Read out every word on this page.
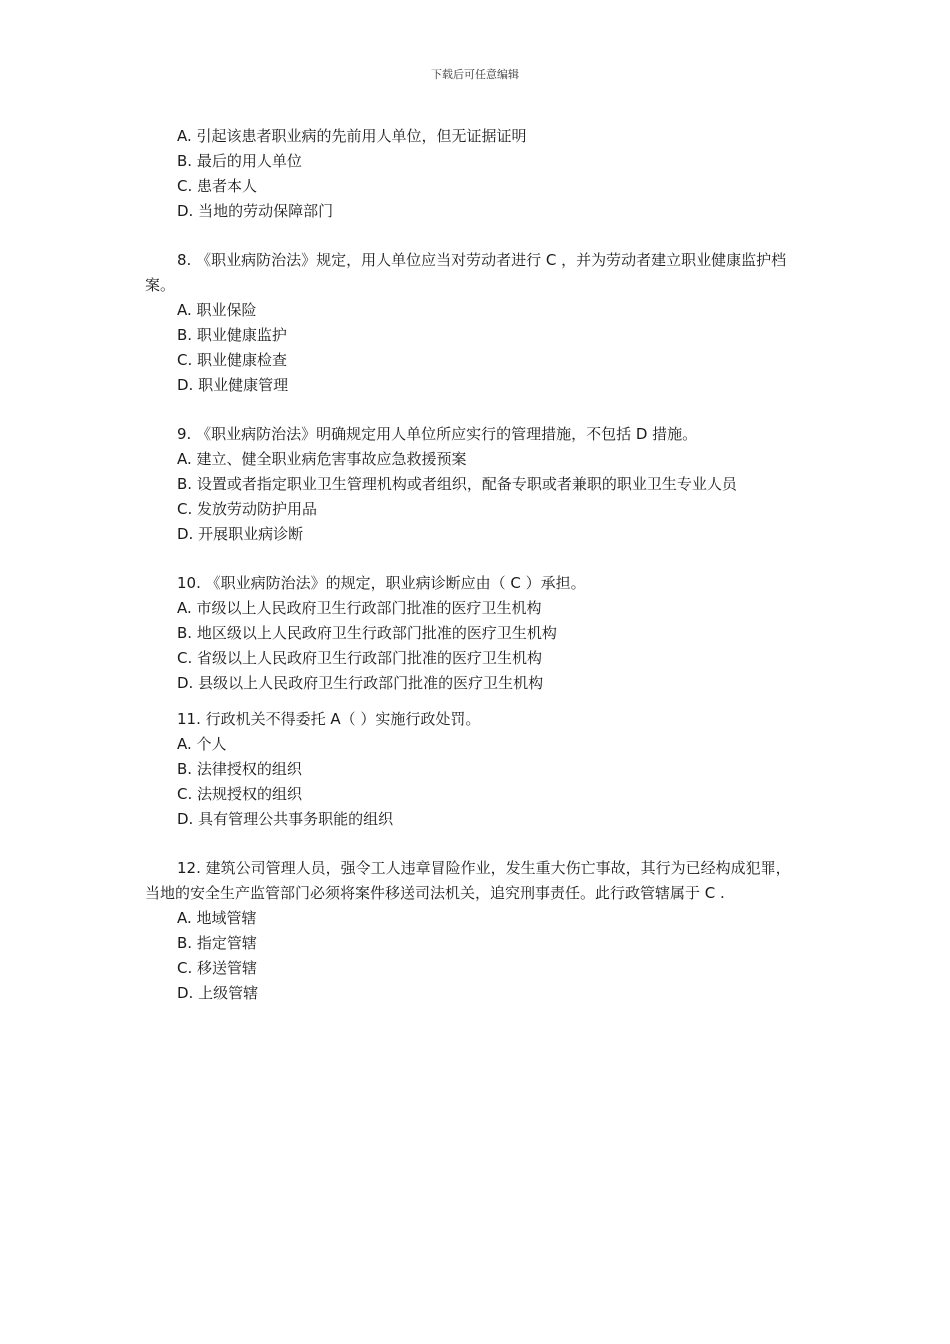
下载后可任意编辑
A. 引起该患者职业病的先前用人单位，但无证据证明
B. 最后的用人单位
C. 患者本人
D. 当地的劳动保障部门
8. 《职业病防治法》规定，用人单位应当对劳动者进行 C ，并为劳动者建立职业健康监护档案。
A. 职业保险
B. 职业健康监护
C. 职业健康检查
D. 职业健康管理
9. 《职业病防治法》明确规定用人单位所应实行的管理措施，不包括 D 措施。
A. 建立、健全职业病危害事故应急救援预案
B. 设置或者指定职业卫生管理机构或者组织，配备专职或者兼职的职业卫生专业人员
C. 发放劳动防护用品
D. 开展职业病诊断
10. 《职业病防治法》的规定，职业病诊断应由（ C ）承担。
A. 市级以上人民政府卫生行政部门批准的医疗卫生机构
B. 地区级以上人民政府卫生行政部门批准的医疗卫生机构
C. 省级以上人民政府卫生行政部门批准的医疗卫生机构
D. 县级以上人民政府卫生行政部门批准的医疗卫生机构
11. 行政机关不得委托 A（ ）实施行政处罚。
A. 个人
B. 法律授权的组织
C. 法规授权的组织
D. 具有管理公共事务职能的组织
12. 建筑公司管理人员，强令工人违章冒险作业，发生重大伤亡事故，其行为已经构成犯罪，当地的安全生产监管部门必须将案件移送司法机关，追究刑事责任。此行政管辖属于 C .
A. 地域管辖
B. 指定管辖
C. 移送管辖
D. 上级管辖
